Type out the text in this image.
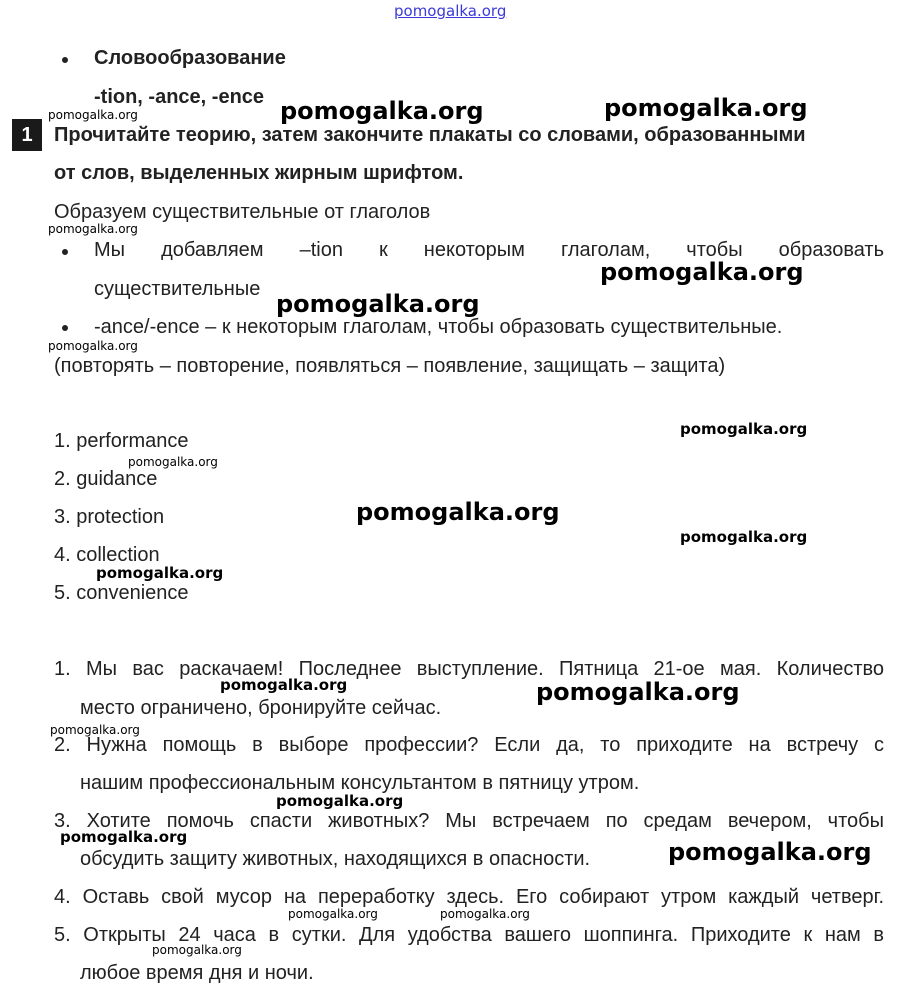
pomogalka.org
Словообразование
-tion, -ance, -ence
1	Прочитайте теорию, затем закончите плакаты со словами, образованными
от слов, выделенных жирным шрифтом.
Образуем существительные от глаголов
Мы добавляем –tion к некоторым глаголам, чтобы образовать
существительные
-ance/-ence – к некоторым глаголам, чтобы образовать существительные.
(повторять – повторение, появляться – появление, защищать – защита)
1. performance
2. guidance
3. protection
4. collection
5. convenience
1. Мы вас раскачаем! Последнее выступление. Пятница 21-ое мая. Количество
место ограничено, бронируйте сейчас.
2. Нужна помощь в выборе профессии? Если да, то приходите на встречу с
нашим профессиональным консультантом в пятницу утром.
3. Хотите помочь спасти животных? Мы встречаем по средам вечером, чтобы
обсудить защиту животных, находящихся в опасности.
4. Оставь свой мусор на переработку здесь. Его собирают утром каждый четверг.
5. Открыты 24 часа в сутки. Для удобства вашего шоппинга. Приходите к нам в
любое время дня и ночи.
pomogalka.org	pomogalka.org	pomogalka.org
pomogalka.org
pomogalka.org
pomogalka.org
pomogalka.org
pomogalka.org
pomogalka.org
pomogalka.org
pomogalka.org
pomogalka.org
pomogalka.org	pomogalka.org
pomogalka.org
pomogalka.org
pomogalka.org
pomogalka.org
pomogalka.org	pomogalka.org
pomogalka.org
